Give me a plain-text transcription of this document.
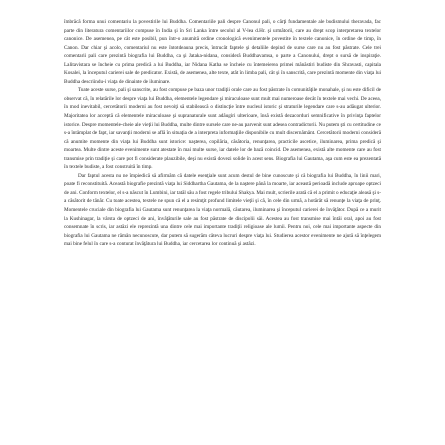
îmbrăcă forma unui comentariu la povestirile lui Buddha. Comentariile pali despre Canonul pali, o cărţi fundamentale ale budismului theravada, fac parte din literatura comentariilor compuse în India şi în Sri Lanka între secolul al V-lea d.Hr. şi următorii, care au drept scop interpretarea textelor canonice. De asemenea, pe cât este posibil, pun într-o anumită ordine cronologică evenimentele povestite în textele canonice, în ordine de timp, în Canon. Dar chiar şi acolo, comentariul nu este întotdeauna precis, întrucât faptele şi detaliile depind de surse care nu au fost păstrate. Cele trei comentarii pali care prezintă biografia lui Buddha, ca şi Jataka-nidana, consideră Buddhavamsa, o parte a Canonului, drept o sursă de inspiraţie. Lalitavistara se încheie cu prima predică a lui Buddha, iar Nidana Katha se încheie cu întemeierea primei mănăstiri budiste din Shravasti, capitala Kosalei, la începutul carierei sale de predicator. Există, de asemenea, alte texte, atât în limba pali, cât şi în sanscrită, care prezintă momente din viaţa lui Buddha descriindu-i viaţa de dinainte de iluminare.

Toate aceste surse, pali şi sanscrite, au fost compuse pe baza unor tradiţii orale care au fost păstrate în comunităţile monahale, şi nu este dificil de observat că, în relatările lor despre viaţa lui Buddha, elementele legendare şi miraculoase sunt mult mai numeroase decât în textele mai vechi. De aceea, în mod inevitabil, cercetătorii moderni au fost nevoiţi să stabilească o distincţie între nucleul istoric şi straturile legendare care s-au adăugat ulterior. Majoritatea lor acceptă că elementele miraculoase şi supranaturale sunt adăugiri ulterioare, însă există dezacorduri semnificative în privinţa faptelor istorice. Despre momentele-cheie ale vieţii lui Buddha, multe dintre sursele care ne-au parvenit sunt adesea contradictorii. Nu putem şti cu certitudine ce s-a întâmplat de fapt, iar savanţii moderni se află în situaţia de a interpreta informaţiile disponibile cu mult discernământ. Cercetătorii moderni consideră că anumite momente din viaţa lui Buddha sunt istorice: naşterea, copilăria, căsătoria, renunţarea, practicile ascetice, iluminarea, prima predică şi moartea. Multe dintre aceste evenimente sunt atestate în mai multe surse, iar datele lor de bază coincid. De asemenea, există alte momente care au fost transmise prin tradiţie şi care pot fi considerate plauzibile, deşi nu există dovezi solide în acest sens. Biografia lui Gautama, aşa cum este ea prezentată în textele budiste, a fost construită în timp.

Dar faptul acesta nu ne împiedică să afirmăm că datele esenţiale sunt acum destul de bine cunoscute şi că biografia lui Buddha, în linii mari, poate fi reconstituită. Această biografie prezintă viaţa lui Siddhartha Gautama, de la naştere până la moarte, iar această perioadă include aproape optzeci de ani. Conform textelor, el s-a născut în Lumbini, iar tatăl său a fost regele tribului Shakya. Mai mult, scrierile arată că el a primit o educaţie aleasă şi s-a căsătorit de tânăr. Cu toate acestea, textele ne spun că el a resimţit profund limitele vieţii şi că, în cele din urmă, a hotărât să renunţe la viaţa de prinţ. Momentele cruciale din biografia lui Gautama sunt renunţarea la viaţa normală, căutarea, iluminarea şi începutul carierei de învăţător. După ce a murit la Kushinagar, la vârsta de optzeci de ani, învăţăturile sale au fost păstrate de discipolii săi. Acestea au fost transmise mai întâi oral, apoi au fost consemnate în scris, iar astăzi ele reprezintă una dintre cele mai importante tradiţii religioase ale lumii. Pentru noi, cele mai importante aspecte din biografia lui Gautama ne rămân necunoscute, dar putem să sugerăm câteva lucruri despre viaţa lui. Studierea acestor evenimente ne ajută să înţelegem mai bine felul în care s-a conturat învăţătura lui Buddha, iar cercetarea lor continuă şi astăzi.
